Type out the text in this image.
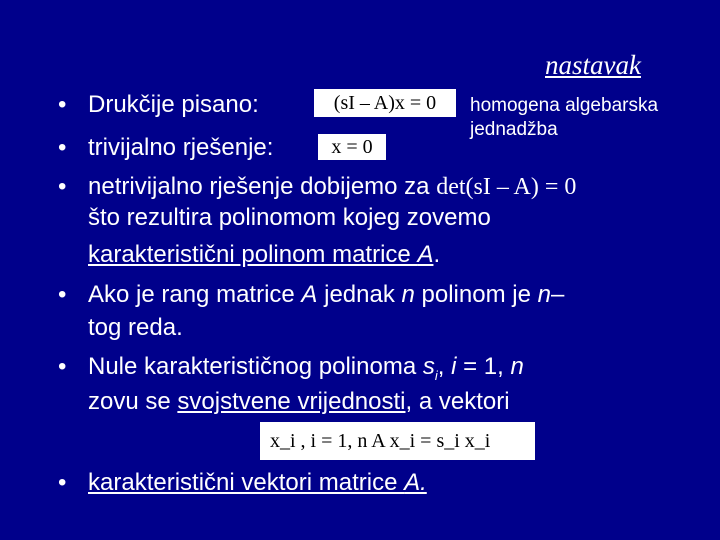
nastavak
•
•
•
•
•
•
Drukčije pisano:	(sI – A)x = 0	homogena algebarska
jednadžba
trivijalno rješenje:	x = 0
netrivijalno rješenje dobijemo za det(sI – A) = 0
što rezultira polinomom kojeg zovemo
karakteristični polinom matrice A.
Ako je rang matrice A jednak n polinom je n–
tog reda.
Nule karakterističnog polinoma $s_i$, i = 1, n
zovu se svojstvene vrijednosti, a vektori
x_i , i = 1, n A x_i = s_i x_i
karakteristični vektori matrice A.
